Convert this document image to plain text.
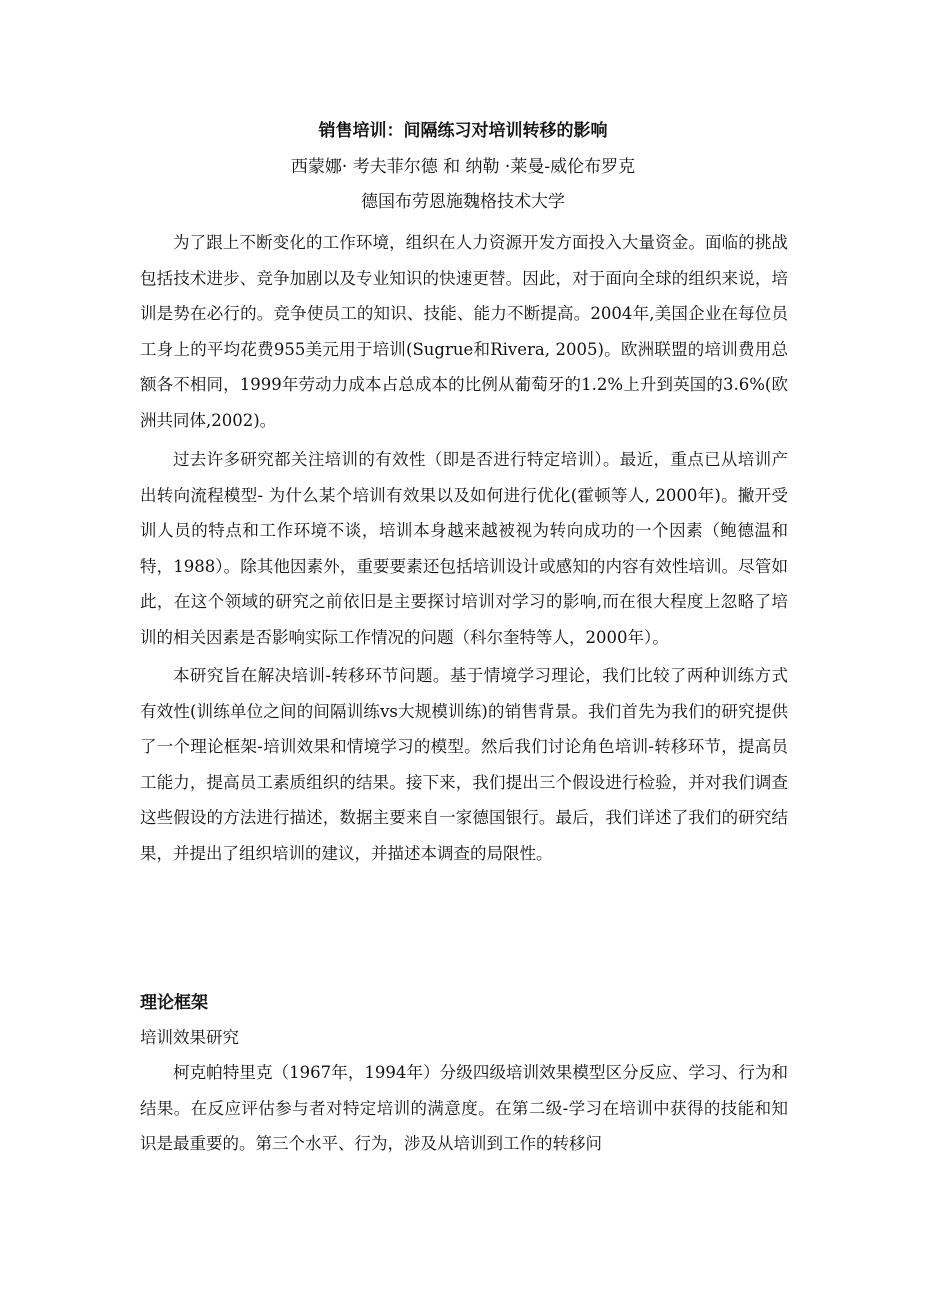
销售培训：间隔练习对培训转移的影响
西蒙娜· 考夫菲尔德 和 纳勒 ·莱曼-威伦布罗克
德国布劳恩施魏格技术大学

为了跟上不断变化的工作环境，组织在人力资源开发方面投入大量资金。面临的挑战包括技术进步、竞争加剧以及专业知识的快速更替。因此，对于面向全球的组织来说，培训是势在必行的。竞争使员工的知识、技能、能力不断提高。2004年,美国企业在每位员工身上的平均花费955美元用于培训(Sugrue和Rivera, 2005)。欧洲联盟的培训费用总额各不相同，1999年劳动力成本占总成本的比例从葡萄牙的1.2%上升到英国的3.6%(欧洲共同体,2002)。

过去许多研究都关注培训的有效性（即是否进行特定培训）。最近，重点已从培训产出转向流程模型- 为什么某个培训有效果以及如何进行优化(霍顿等人, 2000年)。撇开受训人员的特点和工作环境不谈，培训本身越来越被视为转向成功的一个因素（鲍德温和特，1988）。除其他因素外，重要要素还包括培训设计或感知的内容有效性培训。尽管如此，在这个领域的研究之前依旧是主要探讨培训对学习的影响,而在很大程度上忽略了培训的相关因素是否影响实际工作情况的问题（科尔奎特等人，2000年）。

本研究旨在解决培训-转移环节问题。基于情境学习理论，我们比较了两种训练方式有效性(训练单位之间的间隔训练vs大规模训练)的销售背景。我们首先为我们的研究提供了一个理论框架-培训效果和情境学习的模型。然后我们讨论角色培训-转移环节，提高员工能力，提高员工素质组织的结果。接下来，我们提出三个假设进行检验，并对我们调查这些假设的方法进行描述，数据主要来自一家德国银行。最后，我们详述了我们的研究结果，并提出了组织培训的建议，并描述本调查的局限性。

理论框架
培训效果研究

柯克帕特里克（1967年，1994年）分级四级培训效果模型区分反应、学习、行为和结果。在反应评估参与者对特定培训的满意度。在第二级-学习在培训中获得的技能和知识是最重要的。第三个水平、行为，涉及从培训到工作的转移问
